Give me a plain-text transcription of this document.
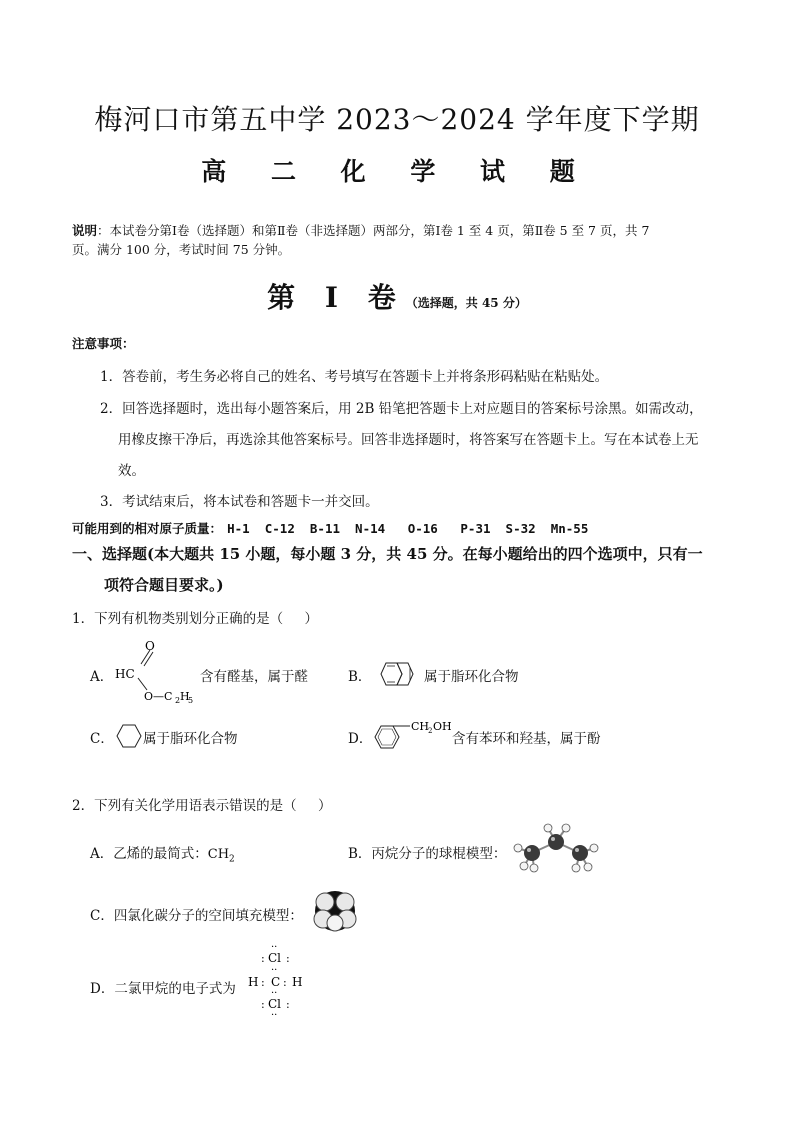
梅河口市第五中学 2023～2024 学年度下学期
高 二 化 学 试 题
说明：本试卷分第Ⅰ卷（选择题）和第Ⅱ卷（非选择题）两部分，第Ⅰ卷 1 至 4 页，第Ⅱ卷 5 至 7 页，共 7
页。满分 100 分，考试时间 75 分钟。
第 Ⅰ 卷（选择题，共 45 分）
注意事项：
1．答卷前，考生务必将自己的姓名、考号填写在答题卡上并将条形码粘贴在粘贴处。
2．回答选择题时，选出每小题答案后，用 2B 铅笔把答题卡上对应题目的答案标号涂黑。如需改动，
用橡皮擦干净后，再选涂其他答案标号。回答非选择题时，将答案写在答题卡上。写在本试卷上无
效。
3．考试结束后，将本试卷和答题卡一并交回。
可能用到的相对原子质量： H-1  C-12  B-11  N-14   O-16   P-31  S-32  Mn-55
一、选择题(本大题共 15 小题，每小题 3 分，共 45 分。在每小题给出的四个选项中，只有一
项符合题目要求。)
1．下列有机物类别划分正确的是（     ）
A． HC
O
O—C 2 H
5
含有醛基，属于醛	B．	属于脂环化合物
C． 属于脂环化合物	D．
CH
2 OH
含有苯环和羟基，属于酚
2．下列有关化学用语表示错误的是（     ）
A．乙烯的最简式：$CH_2$	B．丙烷分子的球棍模型：
C．四氯化碳分子的空间填充模型：
D．二氯甲烷的电子式为
··
: Cl :
··
H : C : H
··
: Cl :
··
